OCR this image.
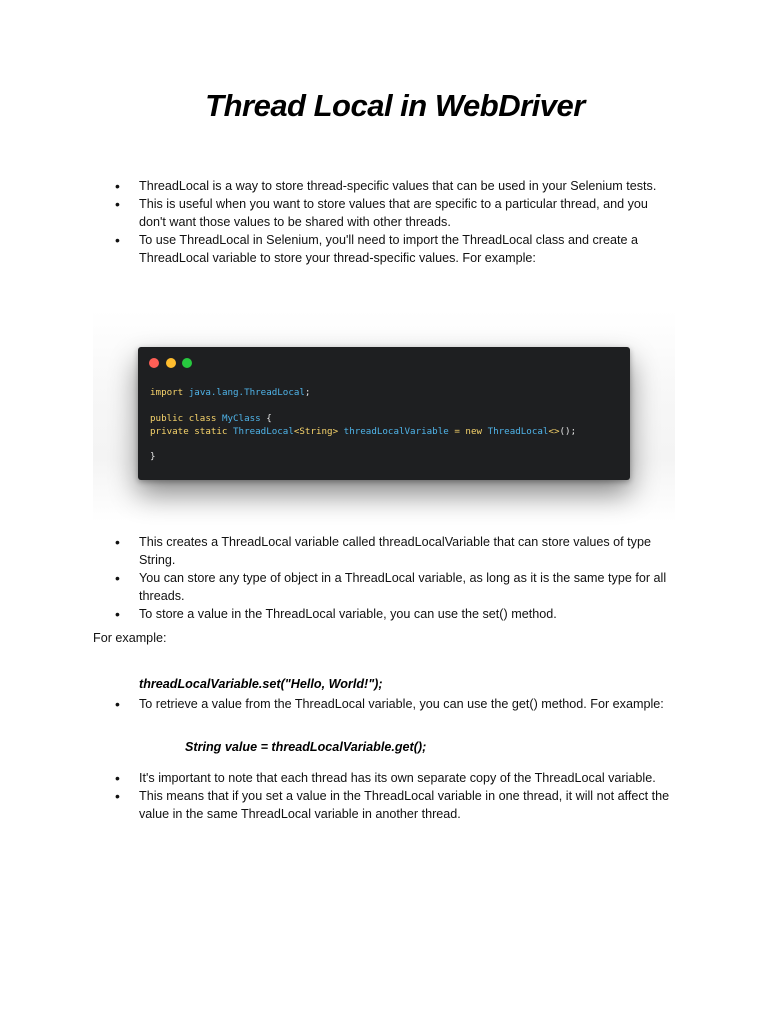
Thread Local in WebDriver
• ThreadLocal is a way to store thread-specific values that can be used in your Selenium tests.
• This is useful when you want to store values that are specific to a particular thread, and you don't want those values to be shared with other threads.
• To use ThreadLocal in Selenium, you'll need to import the ThreadLocal class and create a ThreadLocal variable to store your thread-specific values. For example:
import java.lang.ThreadLocal;
public class MyClass {
private static ThreadLocal<String> threadLocalVariable = new ThreadLocal<>();
}
• This creates a ThreadLocal variable called threadLocalVariable that can store values of type String.
• You can store any type of object in a ThreadLocal variable, as long as it is the same type for all threads.
• To store a value in the ThreadLocal variable, you can use the set() method.

For example:

threadLocalVariable.set("Hello, World!");

• To retrieve a value from the ThreadLocal variable, you can use the get() method. For example:

String value = threadLocalVariable.get();

• It's important to note that each thread has its own separate copy of the ThreadLocal variable.
• This means that if you set a value in the ThreadLocal variable in one thread, it will not affect the value in the same ThreadLocal variable in another thread.
